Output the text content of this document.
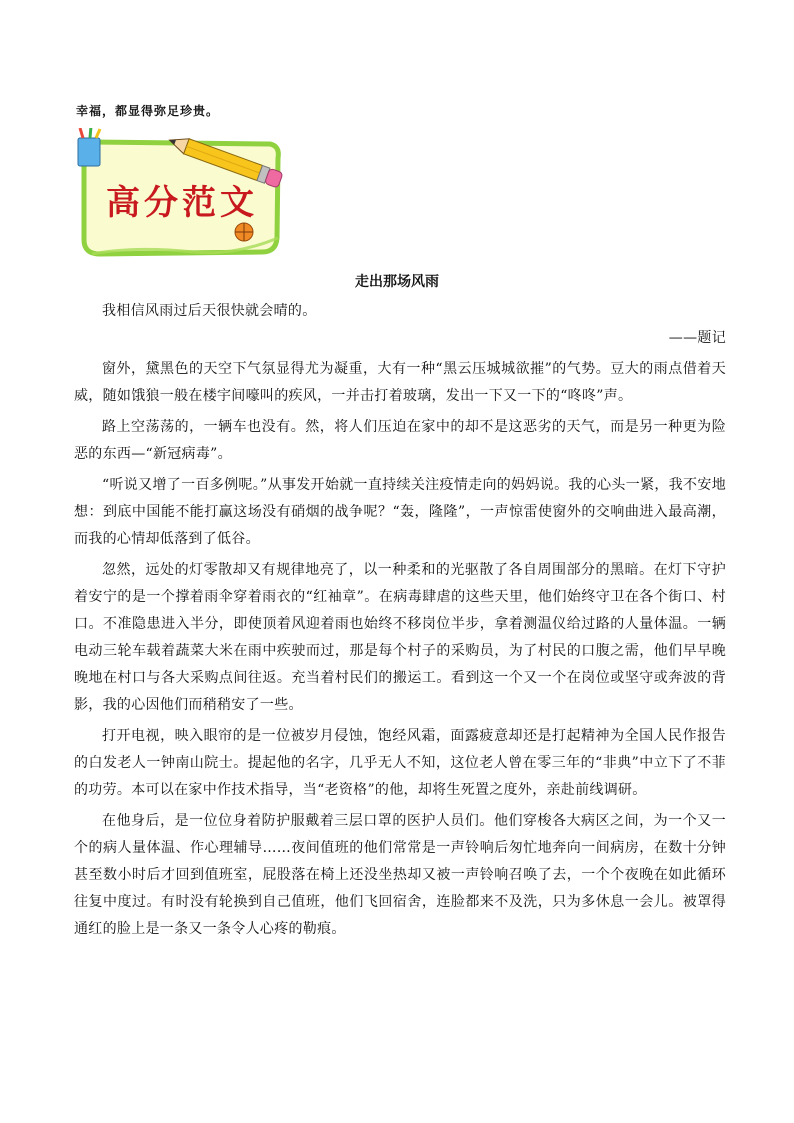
幸福，都显得弥足珍贵。
高分范文
走出那场风雨

我相信风雨过后天很快就会晴的。

——题记

窗外，黛黑色的天空下气氛显得尤为凝重，大有一种“黑云压城城欲摧”的气势。豆大的雨点借着天威，随如饿狼一般在楼宇间嚎叫的疾风，一并击打着玻璃，发出一下又一下的“咚咚”声。

路上空荡荡的，一辆车也没有。然，将人们压迫在家中的却不是这恶劣的天气，而是另一种更为险恶的东西—“新冠病毒”。

“听说又增了一百多例呢。”从事发开始就一直持续关注疫情走向的妈妈说。我的心头一紧，我不安地想：到底中国能不能打赢这场没有硝烟的战争呢？“轰，隆隆”，一声惊雷使窗外的交响曲进入最高潮，而我的心情却低落到了低谷。

忽然，远处的灯零散却又有规律地亮了，以一种柔和的光驱散了各自周围部分的黑暗。在灯下守护着安宁的是一个撑着雨伞穿着雨衣的“红袖章”。在病毒肆虐的这些天里，他们始终守卫在各个街口、村口。不准隐患进入半分，即使顶着风迎着雨也始终不移岗位半步，拿着测温仪给过路的人量体温。一辆电动三轮车载着蔬菜大米在雨中疾驶而过，那是每个村子的采购员，为了村民的口腹之需，他们早早晚晚地在村口与各大采购点间往返。充当着村民们的搬运工。看到这一个又一个在岗位或坚守或奔波的背影，我的心因他们而稍稍安了一些。

打开电视，映入眼帘的是一位被岁月侵蚀，饱经风霜，面露疲意却还是打起精神为全国人民作报告的白发老人一钟南山院士。提起他的名字，几乎无人不知，这位老人曾在零三年的“非典”中立下了不菲的功劳。本可以在家中作技术指导，当“老资格”的他，却将生死置之度外，亲赴前线调研。

在他身后，是一位位身着防护服戴着三层口罩的医护人员们。他们穿梭各大病区之间，为一个又一个的病人量体温、作心理辅导……夜间值班的他们常常是一声铃响后匆忙地奔向一间病房，在数十分钟甚至数小时后才回到值班室，屁股落在椅上还没坐热却又被一声铃响召唤了去，一个个夜晚在如此循环往复中度过。有时没有轮换到自己值班，他们飞回宿舍，连脸都来不及洗，只为多休息一会儿。被罩得通红的脸上是一条又一条令人心疼的勒痕。
